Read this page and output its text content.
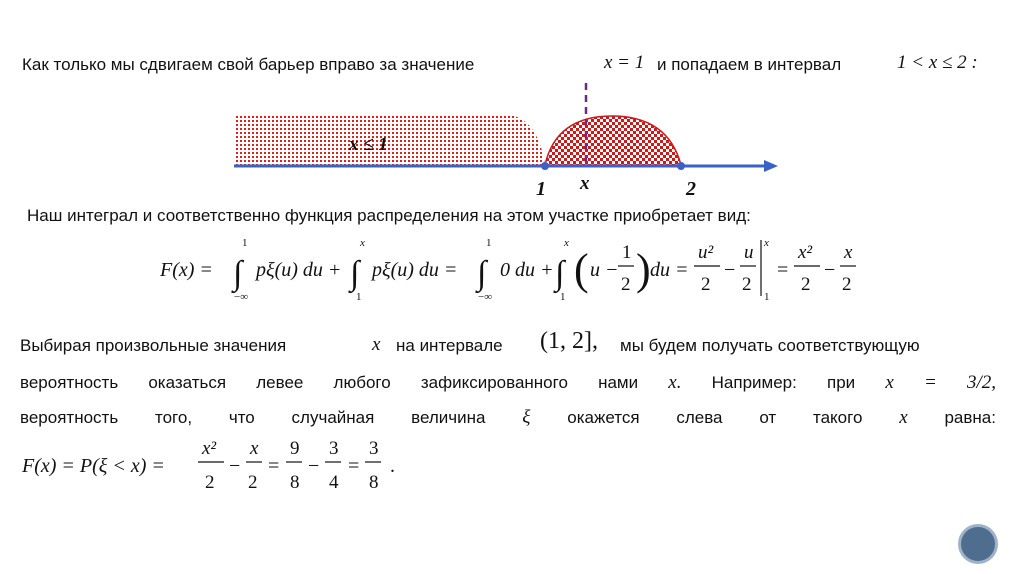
Как только мы сдвигаем свой барьер вправо за значение	x = 1 и попадаем в интервал	1 < x ≤ 2 :
x ≤ 1
1 x	2
Наш интеграл и соответственно функция распределения на этом участке приобретает вид:
F(x) = ∫
1
−∞
pξ(u) du + ∫
x
1
pξ(u) du = ∫
1
−∞
0 du + ∫
x
1
( u −
1
2 ) du =
u²
2
−
u
2
x
1
=
x²
2
−
x
2
Выбирая произвольные значения	x на интервале (1, 2], мы будем получать соответствующую
вероятность оказаться левее любого зафиксированного нами x. Например: при x = 3/2,
вероятность того, что случайная величина ξ окажется слева от такого x равна:
F(x) = P(ξ < x) =
x²
2
−
x
2
=
9
8
−
3
4
=
3
8
.
